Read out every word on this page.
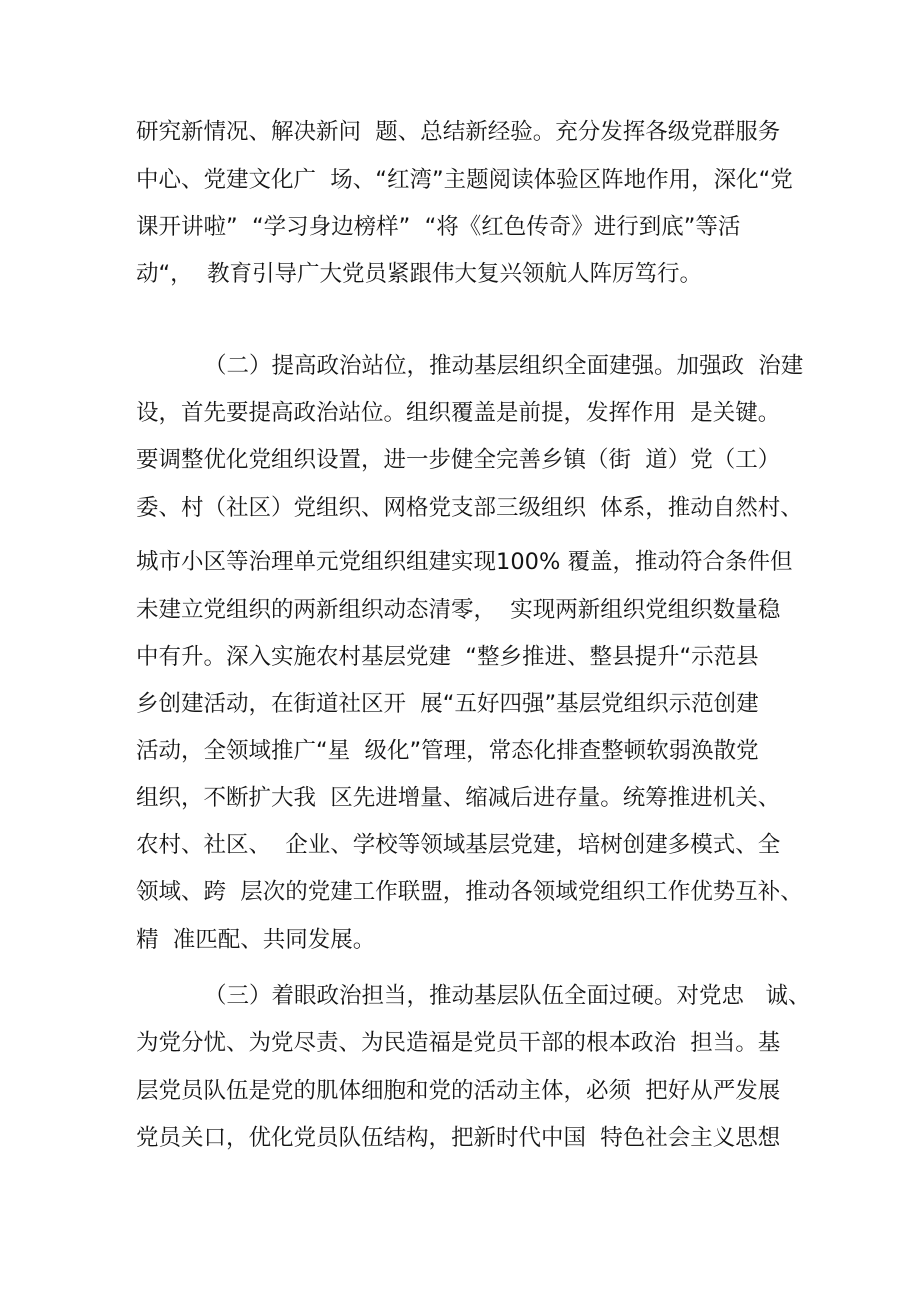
研究新情况、解决新问  题、总结新经验。充分发挥各级党群服务
中心、党建文化广  场、“红湾”主题阅读体验区阵地作用，深化“党
课开讲啦”  “学习身边榜样”  “将《红色传奇》进行到底”等活
动“，  教育引导广大党员紧跟伟大复兴领航人阵厉笃行。
（二）提高政治站位，推动基层组织全面建强。加强政  治建
设，首先要提高政治站位。组织覆盖是前提，发挥作用  是关键。
要调整优化党组织设置，进一步健全完善乡镇（街  道）党（工）
委、村（社区）党组织、网格党支部三级组织  体系，推动自然村、
城市小区等治理单元党组织组建实现100% 覆盖，推动符合条件但
未建立党组织的两新组织动态清零，  实现两新组织党组织数量稳
中有升。深入实施农村基层党建  “整乡推进、整县提升“示范县
乡创建活动，在街道社区开  展“五好四强”基层党组织示范创建
活动，全领域推广“星  级化”管理，常态化排查整顿软弱涣散党
组织，不断扩大我  区先进增量、缩减后进存量。统筹推进机关、
农村、社区、  企业、学校等领域基层党建，培树创建多模式、全
领域、跨  层次的党建工作联盟，推动各领域党组织工作优势互补、
精  准匹配、共同发展。
（三）着眼政治担当，推动基层队伍全面过硬。对党忠   诚、
为党分忧、为党尽责、为民造福是党员干部的根本政治  担当。基
层党员队伍是党的肌体细胞和党的活动主体，必须  把好从严发展
党员关口，优化党员队伍结构，把新时代中国  特色社会主义思想
